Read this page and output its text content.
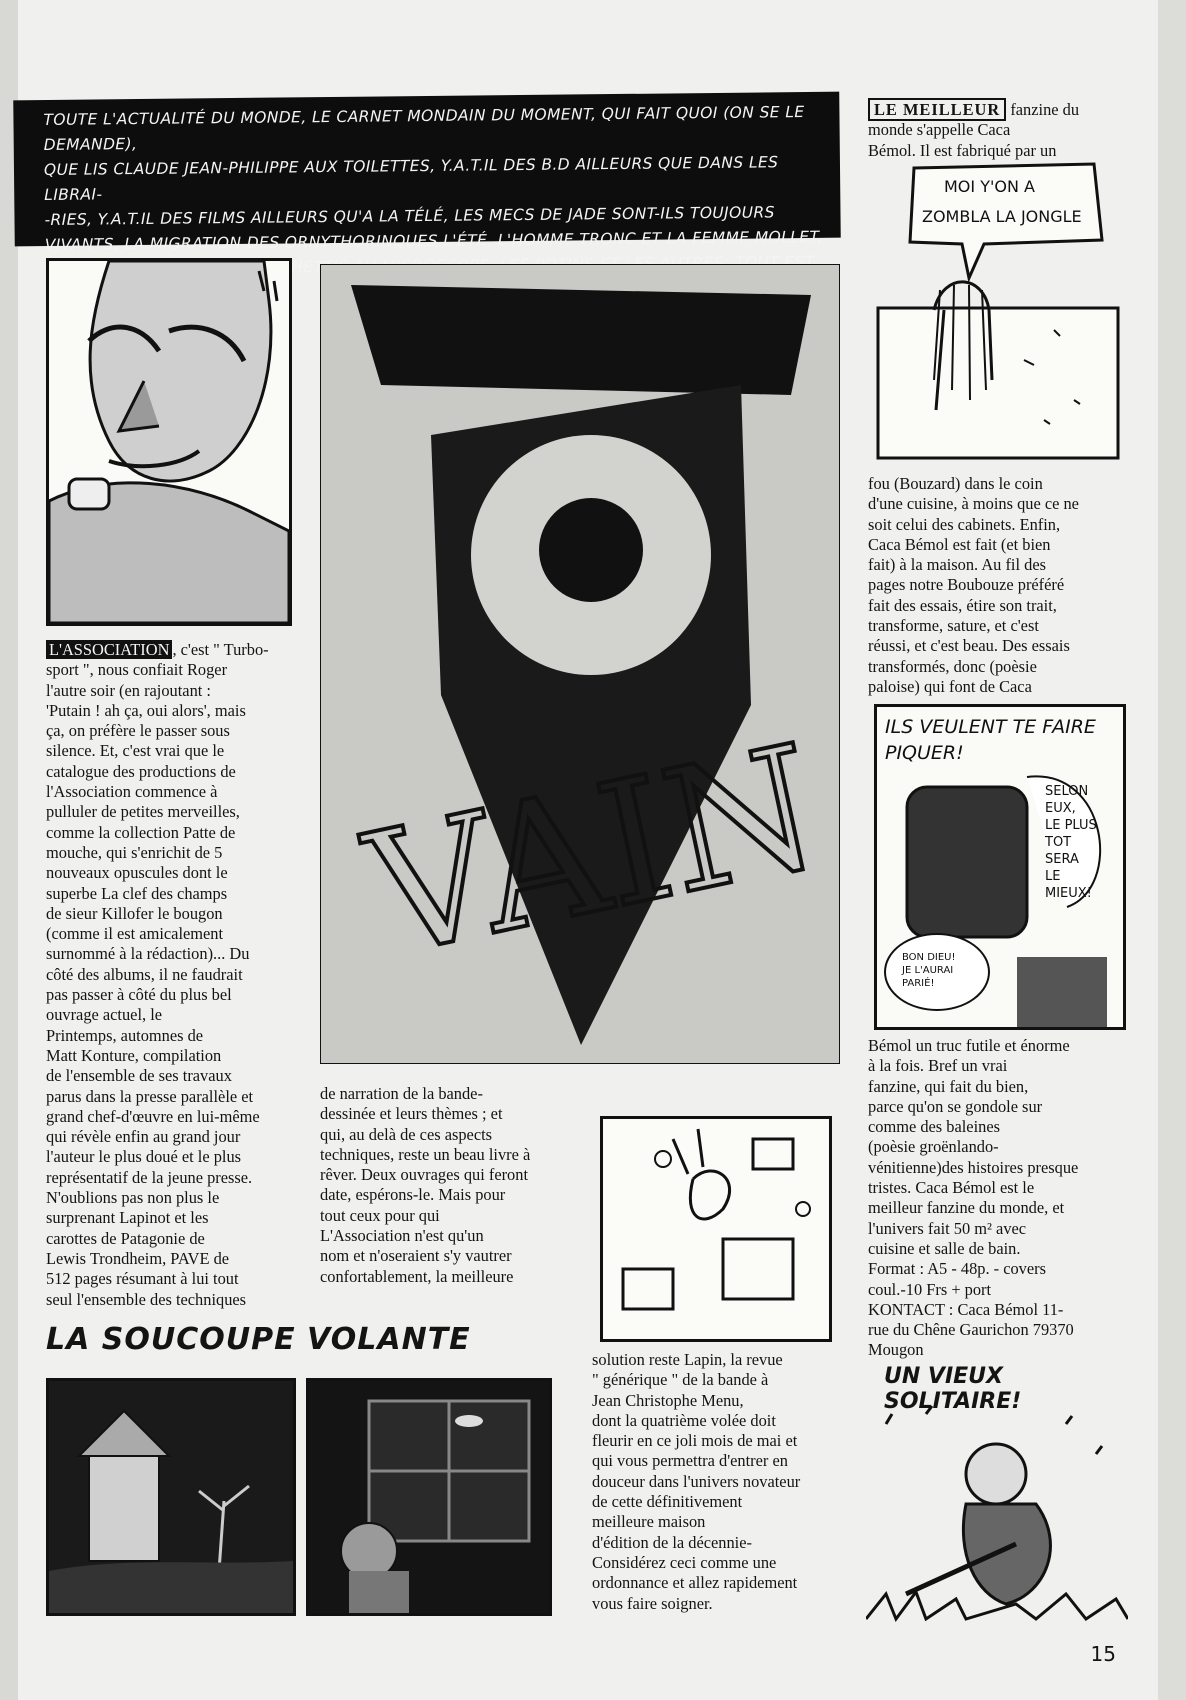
TOUTE L'ACTUALITÉ DU MONDE, LE CARNET MONDAIN DU MOMENT, QUI FAIT QUOI (ON SE LE DEMANDE),
QUE LIS CLAUDE JEAN-PHILIPPE AUX TOILETTES, Y.A.T.IL DES B.D AILLEURS QUE DANS LES LIBRAI-
-RIES, Y.A.T.IL DES FILMS AILLEURS QU'A LA TÉLÉ, LES MECS DE JADE SONT-ILS TOUJOURS
VIVANTS, LA MIGRATION DES ORNYTHORINQUES L'ÉTÉ, L'HOMME TRONC ET LA FEMME MOLLET,
SPAGHETTIS TOUT EST
VAIN
L'ASSOCIATION , c'est " Turbo-
sport ", nous confiait Roger
l'autre soir (en rajoutant :
'Putain ! ah ça, oui alors', mais
ça, on préfère le passer sous
silence. Et, c'est vrai que le
catalogue des productions de
l'Association commence à
pulluler de petites merveilles,
comme la collection Patte de
mouche, qui s'enrichit de 5
nouveaux opuscules dont le
superbe La clef des champs
de sieur Killofer le bougon
(comme il est amicalement
surnommé à la rédaction)... Du
côté des albums, il ne faudrait
pas passer à côté du plus bel
ouvrage actuel, le
Printemps, automnes de
Matt Konture, compilation
de l'ensemble de ses travaux
parus dans la presse parallèle et
grand chef-d'œuvre en lui-même
qui révèle enfin au grand jour
l'auteur le plus doué et le plus
représentatif de la jeune presse.
N'oublions pas non plus le
surprenant Lapinot et les
carottes de Patagonie de
Lewis Trondheim, PAVE de
512 pages résumant à lui tout
seul l'ensemble des techniques
de narration de la bande-
dessinée et leurs thèmes ; et
qui, au delà de ces aspects
techniques, reste un beau livre à
rêver. Deux ouvrages qui feront
date, espérons-le. Mais pour
tout ceux pour qui
L'Association n'est qu'un
nom et n'oseraient s'y vautrer
confortablement, la meilleure
solution reste Lapin, la revue
" générique " de la bande à
Jean Christophe Menu,
dont la quatrième volée doit
fleurir en ce joli mois de mai et
qui vous permettra d'entrer en
douceur dans l'univers novateur
de cette définitivement
meilleure maison
d'édition de la décennie-
Considérez ceci comme une
ordonnance et allez rapidement
vous faire soigner.
LE MEILLEUR fanzine du
monde s'appelle Caca
Bémol. Il est fabriqué par un
MOI Y'ON A
ZOMBLA LA JONGLE
fou (Bouzard) dans le coin
d'une cuisine, à moins que ce ne
soit celui des cabinets. Enfin,
Caca Bémol est fait (et bien
fait) à la maison. Au fil des
pages notre Boubouze préféré
fait des essais, étire son trait,
transforme, sature, et c'est
réussi, et c'est beau. Des essais
transformés, donc (poèsie
paloise) qui font de Caca
ILS VEULENT TE FAIRE
PIQUER!
SELON
EUX,
LE PLUS
TOT
SERA
LE
MIEUX!
BON DIEU!
JE L'AURAI
PARIÉ!
Bémol un truc futile et énorme
à la fois. Bref un vrai
fanzine, qui fait du bien,
parce qu'on se gondole sur
comme des baleines
(poèsie groënlando-
vénitienne)des histoires presque
tristes. Caca Bémol est le
meilleur fanzine du monde, et
l'univers fait 50 m² avec
cuisine et salle de bain.
Format : A5 - 48p. - covers
coul.-10 Frs + port
KONTACT : Caca Bémol 11-
rue du Chêne Gaurichon 79370
Mougon
UN VIEUX SOLITAIRE!
LA SOUCOUPE VOLANTE
15
